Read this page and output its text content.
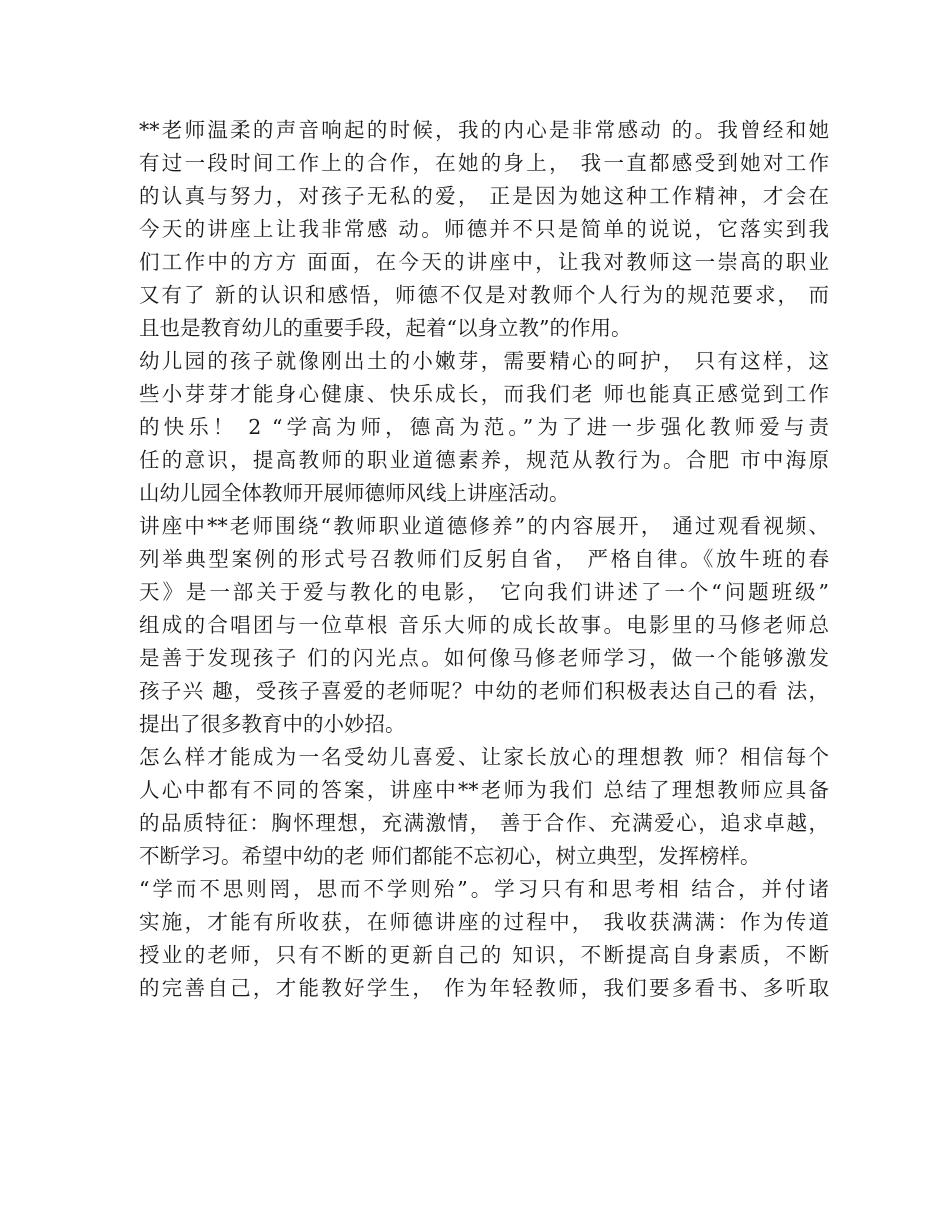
**老师温柔的声音响起的时候，我的内心是非常感动 的。我曾经和她
有过一段时间工作上的合作，在她的身上， 我一直都感受到她对工作
的认真与努力，对孩子无私的爱， 正是因为她这种工作精神，才会在
今天的讲座上让我非常感 动。师德并不只是简单的说说，它落实到我
们工作中的方方 面面，在今天的讲座中，让我对教师这一崇高的职业
又有了 新的认识和感悟，师德不仅是对教师个人行为的规范要求， 而
且也是教育幼儿的重要手段，起着“以身立教”的作用。
幼儿园的孩子就像刚出土的小嫩芽，需要精心的呵护， 只有这样，这
些小芽芽才能身心健康、快乐成长，而我们老 师也能真正感觉到工作
的快乐！ 2 “学高为师，德高为范。”为了进一步强化教师爱与责
任的意识，提高教师的职业道德素养，规范从教行为。合肥 市中海原
山幼儿园全体教师开展师德师风线上讲座活动。
讲座中**老师围绕“教师职业道德修养”的内容展开， 通过观看视频、
列举典型案例的形式号召教师们反躬自省， 严格自律。《放牛班的春
天》是一部关于爱与教化的电影， 它向我们讲述了一个“问题班级”
组成的合唱团与一位草根 音乐大师的成长故事。电影里的马修老师总
是善于发现孩子 们的闪光点。如何像马修老师学习，做一个能够激发
孩子兴 趣，受孩子喜爱的老师呢？中幼的老师们积极表达自己的看 法，
提出了很多教育中的小妙招。
怎么样才能成为一名受幼儿喜爱、让家长放心的理想教 师？相信每个
人心中都有不同的答案，讲座中**老师为我们 总结了理想教师应具备
的品质特征：胸怀理想，充满激情， 善于合作、充满爱心，追求卓越，
不断学习。希望中幼的老 师们都能不忘初心，树立典型，发挥榜样。
“学而不思则罔，思而不学则殆”。学习只有和思考相 结合，并付诸
实施，才能有所收获，在师德讲座的过程中， 我收获满满：作为传道
授业的老师，只有不断的更新自己的 知识，不断提高自身素质，不断
的完善自己，才能教好学生， 作为年轻教师，我们要多看书、多听取
